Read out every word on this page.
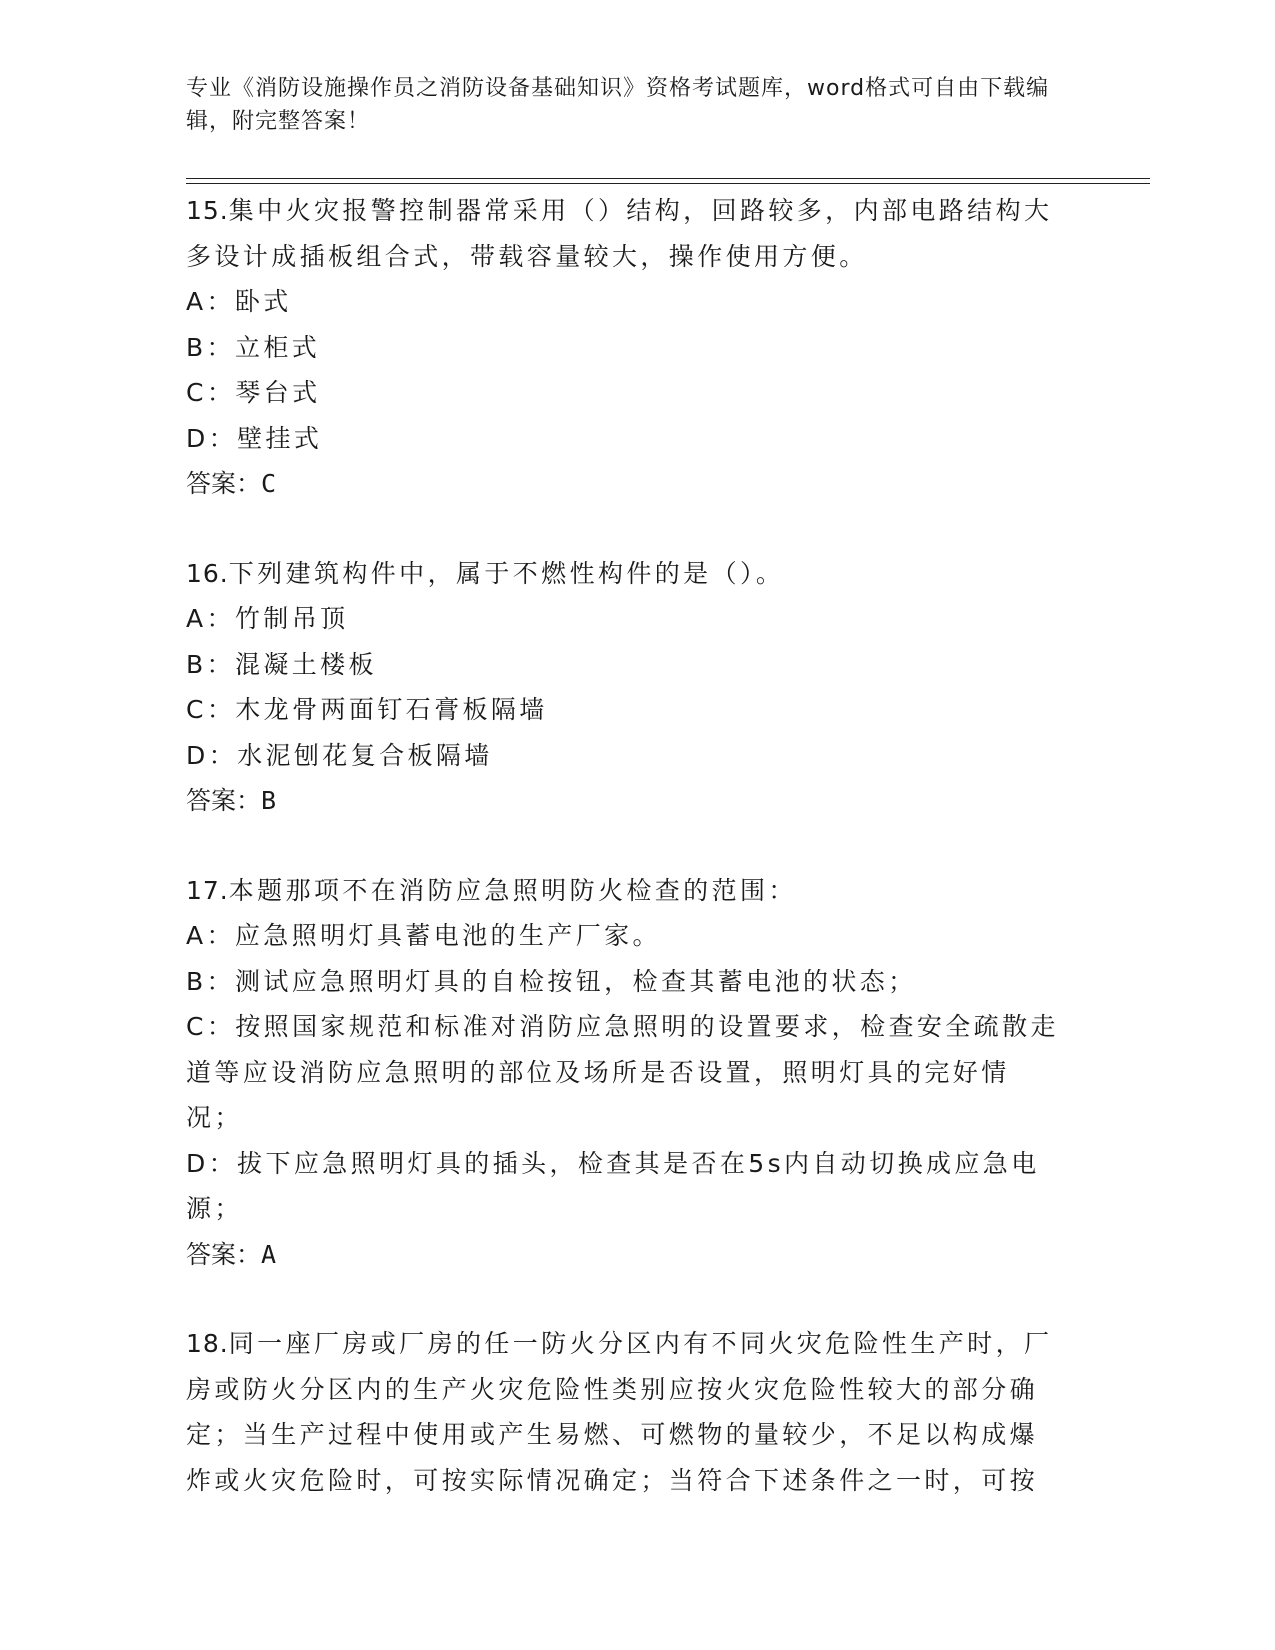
专业《消防设施操作员之消防设备基础知识》资格考试题库，word格式可自由下载编辑，附完整答案！
15.集中火灾报警控制器常采用（）结构，回路较多，内部电路结构大多设计成插板组合式，带载容量较大，操作使用方便。
A：卧式
B：立柜式
C：琴台式
D：壁挂式
答案：C
16.下列建筑构件中，属于不燃性构件的是（）。
A：竹制吊顶
B：混凝土楼板
C：木龙骨两面钉石膏板隔墙
D：水泥刨花复合板隔墙
答案：B
17.本题那项不在消防应急照明防火检查的范围：
A：应急照明灯具蓄电池的生产厂家。
B：测试应急照明灯具的自检按钮，检查其蓄电池的状态；
C：按照国家规范和标准对消防应急照明的设置要求，检查安全疏散走道等应设消防应急照明的部位及场所是否设置，照明灯具的完好情况；
D：拔下应急照明灯具的插头，检查其是否在5s内自动切换成应急电源；
答案：A
18.同一座厂房或厂房的任一防火分区内有不同火灾危险性生产时，厂房或防火分区内的生产火灾危险性类别应按火灾危险性较大的部分确定；当生产过程中使用或产生易燃、可燃物的量较少，不足以构成爆炸或火灾危险时，可按实际情况确定；当符合下述条件之一时，可按
